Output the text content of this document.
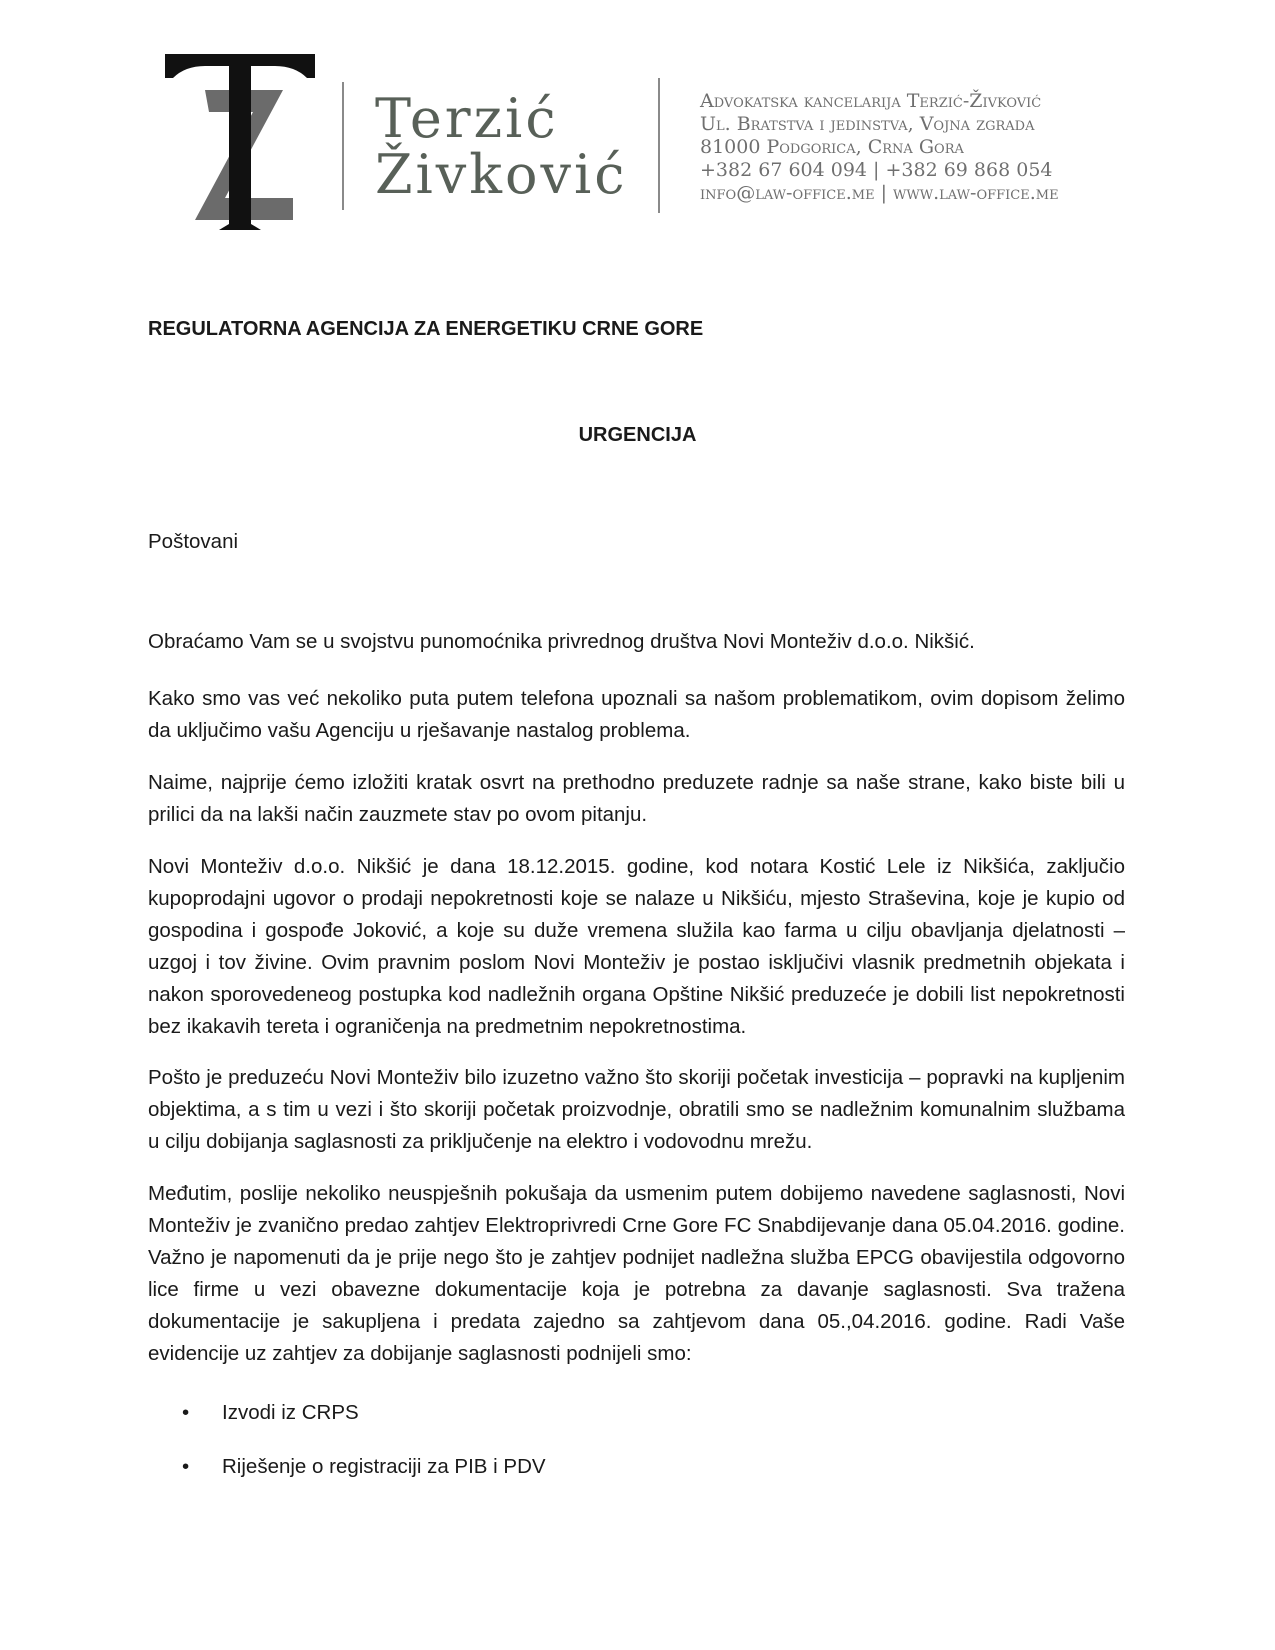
Terzić
Živković
Advokatska kancelarija Terzić-Živković
Ul. Bratstva i jedinstva, Vojna zgrada
81000 Podgorica, Crna Gora
+382 67 604 094 | +382 69 868 054
info@law-office.me | www.law-office.me
REGULATORNA AGENCIJA ZA ENERGETIKU CRNE GORE
URGENCIJA
Poštovani

Obraćamo Vam se u svojstvu punomoćnika privrednog društva Novi Monteživ d.o.o. Nikšić.

Kako smo vas već nekoliko puta putem telefona upoznali sa našom problematikom, ovim dopisom želimo da uključimo vašu Agenciju u rješavanje nastalog problema.

Naime, najprije ćemo izložiti kratak osvrt na prethodno preduzete radnje sa naše strane, kako biste bili u prilici da na lakši način zauzmete stav po ovom pitanju.

Novi Monteživ d.o.o. Nikšić je dana 18.12.2015. godine, kod notara Kostić Lele iz Nikšića, zaključio kupoprodajni ugovor o prodaji nepokretnosti koje se nalaze u Nikšiću, mjesto Straševina, koje je kupio od gospodina i gospođe Joković, a koje su duže vremena služila kao farma u cilju obavljanja djelatnosti – uzgoj i tov živine. Ovim pravnim poslom Novi Monteživ je postao isključivi vlasnik predmetnih objekata i nakon sporovedeneog postupka kod nadležnih organa Opštine Nikšić preduzeće je dobili list nepokretnosti bez ikakavih tereta i ograničenja na predmetnim nepokretnostima.

Pošto je preduzeću Novi Monteživ bilo izuzetno važno što skoriji početak investicija – popravki na kupljenim objektima, a s tim u vezi i što skoriji početak proizvodnje, obratili smo se nadležnim komunalnim službama u cilju dobijanja saglasnosti za priključenje na elektro i vodovodnu mrežu.

Međutim, poslije nekoliko neuspješnih pokušaja da usmenim putem dobijemo navedene saglasnosti, Novi Monteživ je zvanično predao zahtjev Elektroprivredi Crne Gore FC Snabdijevanje dana 05.04.2016. godine. Važno je napomenuti da je prije nego što je zahtjev podnijet nadležna služba EPCG obavijestila odgovorno lice firme u vezi obavezne dokumentacije koja je potrebna za davanje saglasnosti. Sva tražena dokumentacije je sakupljena i predata zajedno sa zahtjevom dana 05.,04.2016. godine. Radi Vaše evidencije uz zahtjev za dobijanje saglasnosti podnijeli smo:

• Izvodi iz CRPS
• Riješenje o registraciji za PIB i PDV
